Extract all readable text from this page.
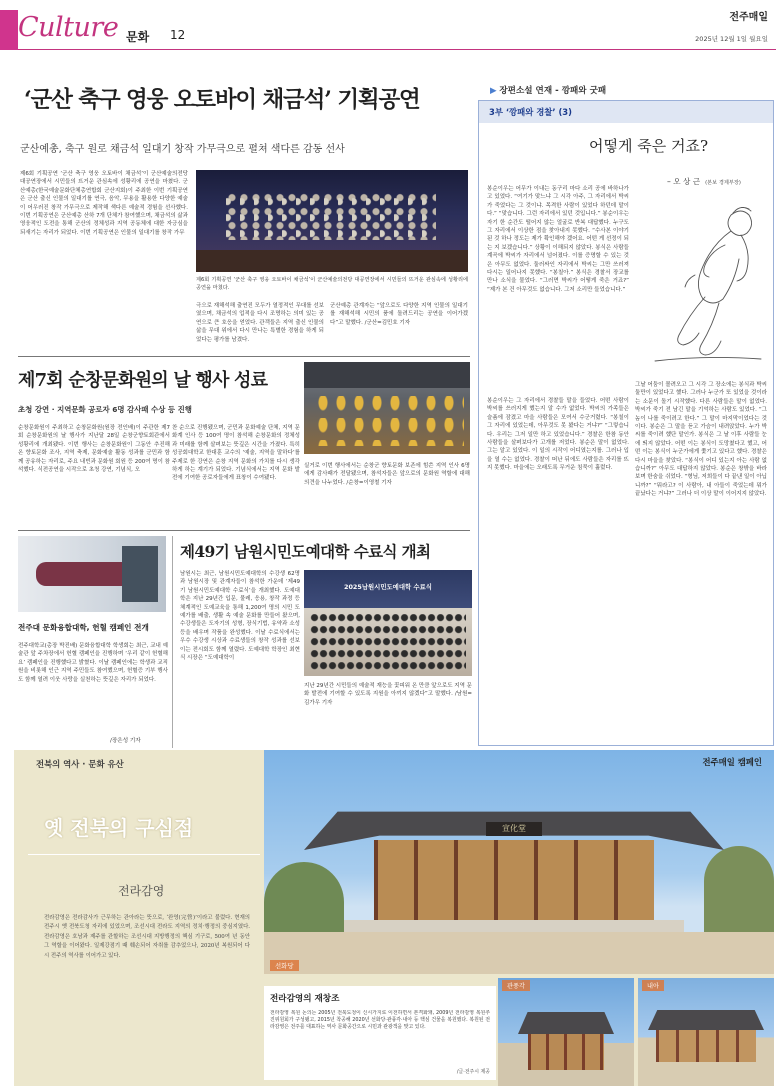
Culture 문화 12
전주매일
2025년 12월 1일 월요일
‘군산 축구 영웅 오토바이 채금석’ 기획공연
군산예총, 축구 원로 채금석 일대기 창작 가무극으로 펼쳐 색다른 감동 선사
제6회 기획공연 ‘군산 축구 영웅 오토바이 채금석’이 군산예술의전당 대공연장에서 시민들의 뜨거운 관심속에 성황리에 공연을 마쳤다. 군산예총(한국예술문화단체총연합회 군산지회)이 주최한 이번 기획공연은 군산 출신 인물의 일대기를 연극, 음악, 무용을 활용한 다양한 예술이 어우러진 창작 가무극으로 제작해 색다른 예술적 경험을 선사했다. 이번 기획공연은 군산예총 산하 7개 단체가 참여했으며, 채금석의 삶과 영웅적인 도전을 통해 군산의 정체성과 지역 공동체에 대한 자긍심을 되새기는 자리가 되었다. 이번 기획공연은 인물의 일대기를 창작 가무
제6회 기획공연 ‘군산 축구 영웅 오토바이 채금석’이 군산예술의전당 대공연장에서 시민들의 뜨거운 관심속에 성황리에 공연을 마쳤다.
극으로 재해석해 출연진 모두가 열정적인 무대를 선보였으며, 채금석의 업적을 다시 조명하는 의미 있는 공연으로 큰 호응을 얻었다. 관객들은 지역 출신 인물의 삶을 무대 위에서 다시 만나는 특별한 경험을 하게 되었다는 평가를 남겼다.
군산예총 관계자는 “앞으로도 다양한 지역 인물의 일대기를 재해석해 시민의 품에 돌려드리는 공연을 이어가겠다”고 말했다. /군산=김민호 기자
제7회 순창문화원의 날 행사 성료
초청 강연 · 지역문화 공로자 6명 감사패 수상 등 진행
순창문화원이 주최하고 순창문화원(원장 전인배)이 주관한 제7회 순창문화원의 날 행사가 지난달 28일 순창군향토회관에서 성황리에 개최됐다. 이번 행사는 순창문화원이 그동안 추진해 온 향토문화 조사, 지역 축제, 문화예술 활동 성과를 군민과 함께 공유하는 자리로, 주요 내빈과 문화원 회원 등 200여 명이 참석했다. 식전공연을 시작으로 초청 강연, 기념식, 오
찬 순으로 진행됐으며, 군민과 문화예술 단체, 지역 문화계 인사 등 100여 명이 참석해 순창문화의 정체성과 미래를 함께 살펴보는 뜻깊은 시간을 가졌다. 특히 성공회대학교 한대훈 교수의 ‘예술, 지역을 말하다’를 주제로 한 강연은 순창 지역 문화의 가치를 다시 생각하게 하는 계기가 되었다. 기념식에서는 지역 문화 발전에 기여한 공로자들에게 표창이 수여됐다.
실거로 이번 행사에서는 순창군 향토문화 보존에 힘쓴 지역 인사 6명에게 감사패가 전달됐으며, 참석자들은 앞으로의 문화원 역할에 대해 의견을 나누었다. /순창=이영철 기자
전주대 문화융합대학, 헌혈 캠페인 전개
전주대학교(총장 박진배) 문화융합대학 학생회는 최근, 교내 예술관 앞 주차장에서 헌혈 캠페인을 진행하며 ‘우리 같이 헌혈해요’ 캠페인을 진행했다고 밝혔다. 이날 캠페인에는 학생과 교직원을 비롯해 인근 지역 주민들도 참여했으며, 헌혈증 기부 행사도 함께 열려 이웃 사랑을 실천하는 뜻깊은 자리가 되었다.
/장은성 기자
제49기 남원시민도예대학 수료식 개최
남원시는 최근, 남원시민도예대학의 수강생 62명과 남원시장 및 관계자들이 참석한 가운데 ‘제49기 남원시민도예대학 수료식’을 개최했다. 도예대학은 지난 29년간 입문, 물레, 응용, 창작 과정 등 체계적인 도예교육을 통해 1,200여 명의 시민 도예가를 배출, 생활 속 예술 문화를 만들어 왔으며, 수강생들은 도자기의 성형, 장식기법, 유약과 소성 등을 배우며 작품을 완성했다. 이날 수료식에서는 우수 수강생 시상과 수료생들의 창작 성과를 선보이는 전시회도 함께 열렸다. 도예대학 학장인 최현식 시장은 “도예대학이
2025남원시민도예대학 수료식
지난 29년간 시민들의 예술적 재능을 꽃피워 온 만큼 앞으로도 지역 문화 발전에 기여할 수 있도록 지원을 아끼지 않겠다”고 말했다. /남원=김가우 기자
▶ 장편소설 연재 - 깡패와 굿패
3부 ‘깡패와 경찰’ (3)
어떻게 죽은 거죠?
– 오 상 근 (본보 경제부장)
봉순이우는 어무가 이내는 동구리 마다 소리 공에 바하나가고 있었다. “여기가 맞느냐 그 시각 아주, 그 자리에서 박씨가 죽었다는 그 것이냐. 목격한 사람이 있었다 하던데 말이다.” “맞습니다. 그런 자리에서 있던 것입니다.” 봉순이우는 자기 한 순간도 떨어지 않는 얼굴로 반복 대답했다. 누구도 그 자리에서 이상한 점을 찾아내지 못했다. “수사본 이야기 된 것 하나 정도는 제가 확인해야 겠어요. 어떤 게 선정이 되는 지 보겠습니다.” 상황이 이해되지 않았다. 봉식은 사람들 계곡에 박씨가 자리에서 넘어졌다. 이를 증명할 수 있는 것은 아무도 없었다. 둘러싸인 자리에서 박씨는 그만 쓰러져 다시는 일어나지 못했다. “봉칠아.” 봉식은 경찰서 장교를 만나 소식을 물었다. “그러면 박씨가 어떻게 죽은 거죠?” “제가 본 건 아무것도 없습니다. 그저 소리만 들었습니다.”
봉순이우는 그 자리에서 경찰들 말을 들었다. 어떤 사람이 박씨를 쓰러지게 했는지 알 수가 없었다. 박씨의 가족들은 슬픔에 잠겼고 마을 사람들은 모여서 수군거렸다. “봉칠이 그 자리에 있었는데, 아무것도 못 봤다는 거냐?” “그렇습니다. 우리는 그저 일만 하고 있었습니다.” 경찰은 한참 동안 사람들을 살펴보다가 고개를 저었다. 봉순은 말이 없었다. 그는 알고 있었다. 이 일의 시작이 어디였는지를. 그러나 입을 열 수는 없었다. 경찰이 떠난 뒤에도 사람들은 자리를 뜨지 못했다. 마을에는 오래도록 무거운 침묵이 흘렀다.
그날 어둠이 몰려오고 그 시각 그 장소에는 봉식과 박씨 둘만이 있었다고 했다. 그러나 누군가 또 있었을 것이라는 소문이 돌기 시작했다. 다른 사람들은 말이 없었다. 박씨가 죽기 전 남긴 말을 기억하는 사람도 있었다. “그 놈이 나를 죽이려고 한다.” 그 말이 마지막이었다는 것이다. 봉순은 그 말을 듣고 가슴이 내려앉았다. 누가 박씨를 죽이려 했단 말인가. 봉식은 그 날 이후 사람들 눈에 띄지 않았다. 어떤 이는 봉식이 도망쳤다고 했고, 어떤 이는 봉식이 누군가에게 쫓기고 있다고 했다. 경찰은 다시 마을을 찾았다. “봉식이 어디 있는지 아는 사람 없습니까?” 아무도 대답하지 않았다. 봉순은 창밖을 바라보며 한숨을 쉬었다. “형님, 저희들이 다 끝낸 일이 아닙니까?” “뭐라고? 이 사람아, 내 아들이 죽었는데 뭐가 끝났다는 거냐?” 그러나 더 이상 말이 이어지지 않았다.
전북의 역사 · 문화 유산
옛 전북의 구심점
전라감영
전라감영은 전라감사가 근무하는 관아라는 뜻으로, ‘완영(完營)’이라고 불렀다. 현재의 전주시 옛 전북도청 자리에 있었으며, 조선시대 전라도 지역의 정치·행정의 중심지였다. 전라감영은 호남과 제주를 관할하는 조선시대 지방행정의 핵심 기구로, 500여 년 동안 그 역할을 이어왔다. 일제강점기 때 훼손되어 자취를 감추었으나, 2020년 복원되어 다시 전주의 역사를 이어가고 있다.
전주매일 캠페인
宣化堂
선화당
전라감영의 재창조
전라감영 복원 논의는 2005년 전북도청이 신시가지로 이전하면서 본격화돼, 2009년 전라감영 복원추진위원회가 구성됐고, 2015년 착공해 2020년 선화당·관풍각·내아 등 핵심 건물을 복원했다. 복원된 전라감영은 전주를 대표하는 역사 문화공간으로 시민과 관광객을 맞고 있다.
/글·전주시 제공
관풍각	내아
